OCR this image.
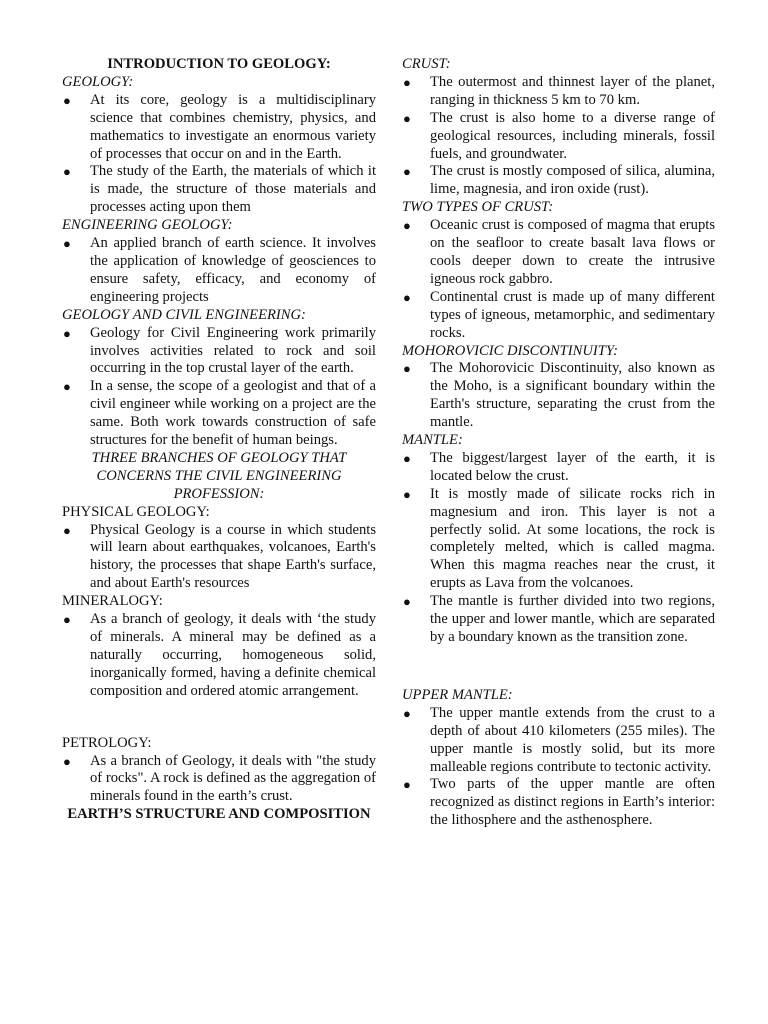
INTRODUCTION TO GEOLOGY:
GEOLOGY:
● At its core, geology is a multidisciplinary science that combines chemistry, physics, and mathematics to investigate an enormous variety of processes that occur on and in the Earth.
● The study of the Earth, the materials of which it is made, the structure of those materials and processes acting upon them
ENGINEERING GEOLOGY:
● An applied branch of earth science. It involves the application of knowledge of geosciences to ensure safety, efficacy, and economy of engineering projects
GEOLOGY AND CIVIL ENGINEERING:
● Geology for Civil Engineering work primarily involves activities related to rock and soil occurring in the top crustal layer of the earth.
● In a sense, the scope of a geologist and that of a civil engineer while working on a project are the same. Both work towards construction of safe structures for the benefit of human beings.
THREE BRANCHES OF GEOLOGY THAT CONCERNS THE CIVIL ENGINEERING PROFESSION:
PHYSICAL GEOLOGY:
● Physical Geology is a course in which students will learn about earthquakes, volcanoes, Earth's history, the processes that shape Earth's surface, and about Earth's resources
MINERALOGY:
● As a branch of geology, it deals with ‘the study of minerals. A mineral may be defined as a naturally occurring, homogeneous solid, inorganically formed, having a definite chemical composition and ordered atomic arrangement.
PETROLOGY:
● As a branch of Geology, it deals with "the study of rocks". A rock is defined as the aggregation of minerals found in the earth’s crust.
EARTH’S STRUCTURE AND COMPOSITION
CRUST:
● The outermost and thinnest layer of the planet, ranging in thickness 5 km to 70 km.
● The crust is also home to a diverse range of geological resources, including minerals, fossil fuels, and groundwater.
● The crust is mostly composed of silica, alumina, lime, magnesia, and iron oxide (rust).
TWO TYPES OF CRUST:
● Oceanic crust is composed of magma that erupts on the seafloor to create basalt lava flows or cools deeper down to create the intrusive igneous rock gabbro.
● Continental crust is made up of many different types of igneous, metamorphic, and sedimentary rocks.
MOHOROVICIC DISCONTINUITY:
● The Mohorovicic Discontinuity, also known as the Moho, is a significant boundary within the Earth's structure, separating the crust from the mantle.
MANTLE:
● The biggest/largest layer of the earth, it is located below the crust.
● It is mostly made of silicate rocks rich in magnesium and iron. This layer is not a perfectly solid. At some locations, the rock is completely melted, which is called magma. When this magma reaches near the crust, it erupts as Lava from the volcanoes.
● The mantle is further divided into two regions, the upper and lower mantle, which are separated by a boundary known as the transition zone.
UPPER MANTLE:
● The upper mantle extends from the crust to a depth of about 410 kilometers (255 miles). The upper mantle is mostly solid, but its more malleable regions contribute to tectonic activity.
● Two parts of the upper mantle are often recognized as distinct regions in Earth’s interior: the lithosphere and the asthenosphere.
